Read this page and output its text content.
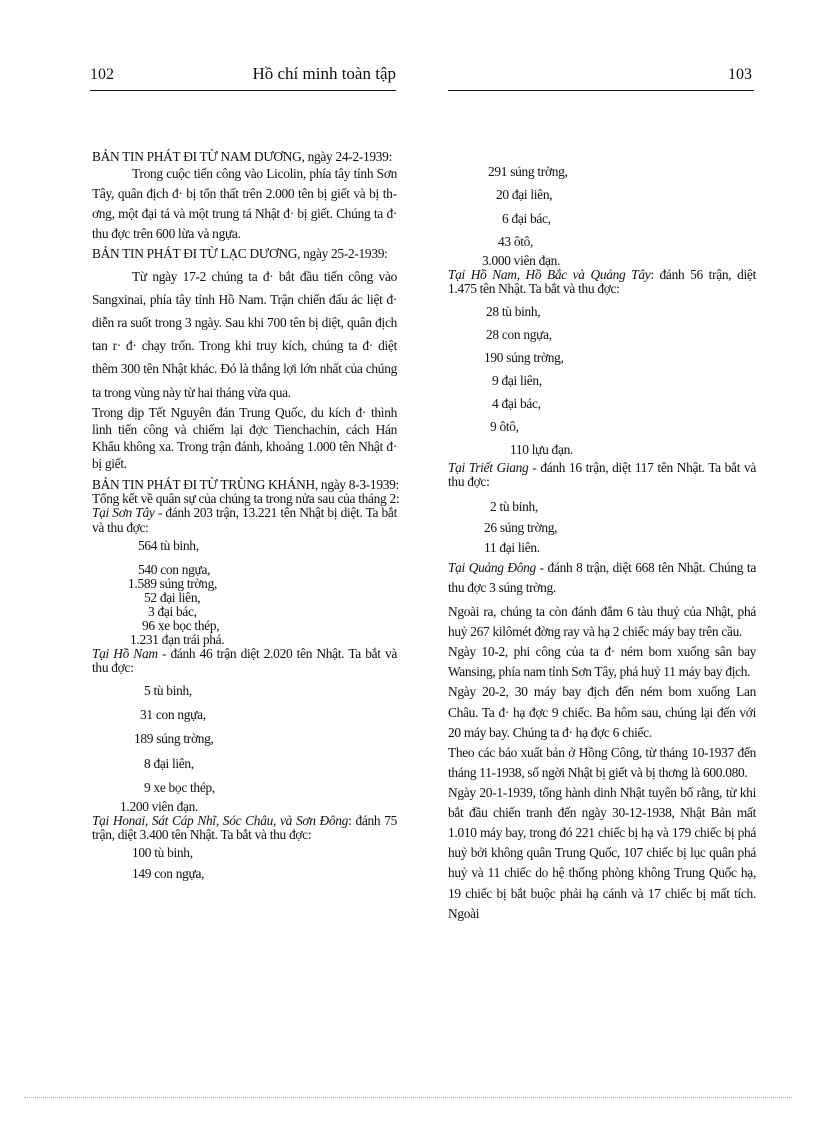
102	Hồ chí minh toàn tập	103

BẢN TIN PHÁT ĐI TỪ NAM DƯƠNG, ngày 24-2-1939:

Trong cuộc tiến công vào Licolin, phía tây tỉnh Sơn Tây, quân địch đ· bị tổn thất trên 2.000 tên bị giết và bị thơng, một đại tá và một trung tá Nhật đ· bị giết. Chúng ta đ· thu đợc trên 600 lừa và ngựa.

BẢN TIN PHÁT ĐI TỪ LẠC DƯƠNG, ngày 25-2-1939:

Từ ngày 17-2 chúng ta đ· bắt đầu tiến công vào Sangxinai, phía tây tỉnh Hồ Nam. Trận chiến đấu ác liệt đ· diễn ra suốt trong 3 ngày. Sau khi 700 tên bị diệt, quân địch tan r· đ· chạy trốn. Trong khi truy kích, chúng ta đ· diệt thêm 300 tên Nhật khác. Đó là thắng lợi lớn nhất của chúng ta trong vùng này từ hai tháng vừa qua.

Trong dịp Tết Nguyên đán Trung Quốc, du kích đ· thình lình tiến công và chiếm lại đợc Tienchachin, cách Hán Khẩu không xa. Trong trận đánh, khoảng 1.000 tên Nhật đ· bị giết.

BẢN TIN PHÁT ĐI TỪ TRÙNG KHÁNH, ngày 8-3-1939:

Tổng kết về quân sự của chúng ta trong nửa sau của tháng 2:

Tại Sơn Tây - đánh 203 trận, 13.221 tên Nhật bị diệt. Ta bắt và thu đợc:

564 tù binh,
540 con ngựa,
1.589 súng trờng,
52 đại liên,
3 đại bác,
96 xe bọc thép,
1.231 đạn trái phá.

Tại Hồ Nam - đánh 46 trận diệt 2.020 tên Nhật. Ta bắt và thu đợc:

5 tù binh,
31 con ngựa,
189 súng trờng,
8 đại liên,
9 xe bọc thép,
1.200 viên đạn.

Tại Honai, Sát Cáp Nhĩ, Sóc Châu, và Sơn Đông: đánh 75 trận, diệt 3.400 tên Nhật. Ta bắt và thu đợc:

100 tù binh,
149 con ngựa,
291 súng trờng,
20 đại liên,
6 đại bác,
43 ôtô,
3.000 viên đạn.

Tại Hồ Nam, Hồ Bắc và Quảng Tây: đánh 56 trận, diệt 1.475 tên Nhật. Ta bắt và thu đợc:

28 tù binh,
28 con ngựa,
190 súng trờng,
9 đại liên,
4 đại bác,
9 ôtô,
110 lựu đạn.

Tại Triết Giang - đánh 16 trận, diệt 117 tên Nhật. Ta bắt và thu đợc:

2 tù binh,
26 súng trờng,
11 đại liên.

Tại Quảng Đông - đánh 8 trận, diệt 668 tên Nhật. Chúng ta thu đợc 3 súng trờng.

Ngoài ra, chúng ta còn đánh đắm 6 tàu thuỷ của Nhật, phá huỷ 267 kilômét đờng ray và hạ 2 chiếc máy bay trên cầu.

Ngày 10-2, phi công của ta đ· ném bom xuống sân bay Wansing, phía nam tỉnh Sơn Tây, phá huỷ 11 máy bay địch.

Ngày 20-2, 30 máy bay địch đến ném bom xuống Lan Châu. Ta đ· hạ đợc 9 chiếc. Ba hôm sau, chúng lại đến với 20 máy bay. Chúng ta đ· hạ đợc 6 chiếc.

Theo các báo xuất bản ở Hồng Công, từ tháng 10-1937 đến tháng 11-1938, số ngời Nhật bị giết và bị thơng là 600.080.

Ngày 20-1-1939, tổng hành dinh Nhật tuyên bố rằng, từ khi bắt đầu chiến tranh đến ngày 30-12-1938, Nhật Bản mất 1.010 máy bay, trong đó 221 chiếc bị hạ và 179 chiếc bị phá huỷ bởi không quân Trung Quốc, 107 chiếc bị lục quân phá huỷ và 11 chiếc do hệ thống phòng không Trung Quốc hạ, 19 chiếc bị bắt buộc phải hạ cánh và 17 chiếc bị mất tích. Ngoài
